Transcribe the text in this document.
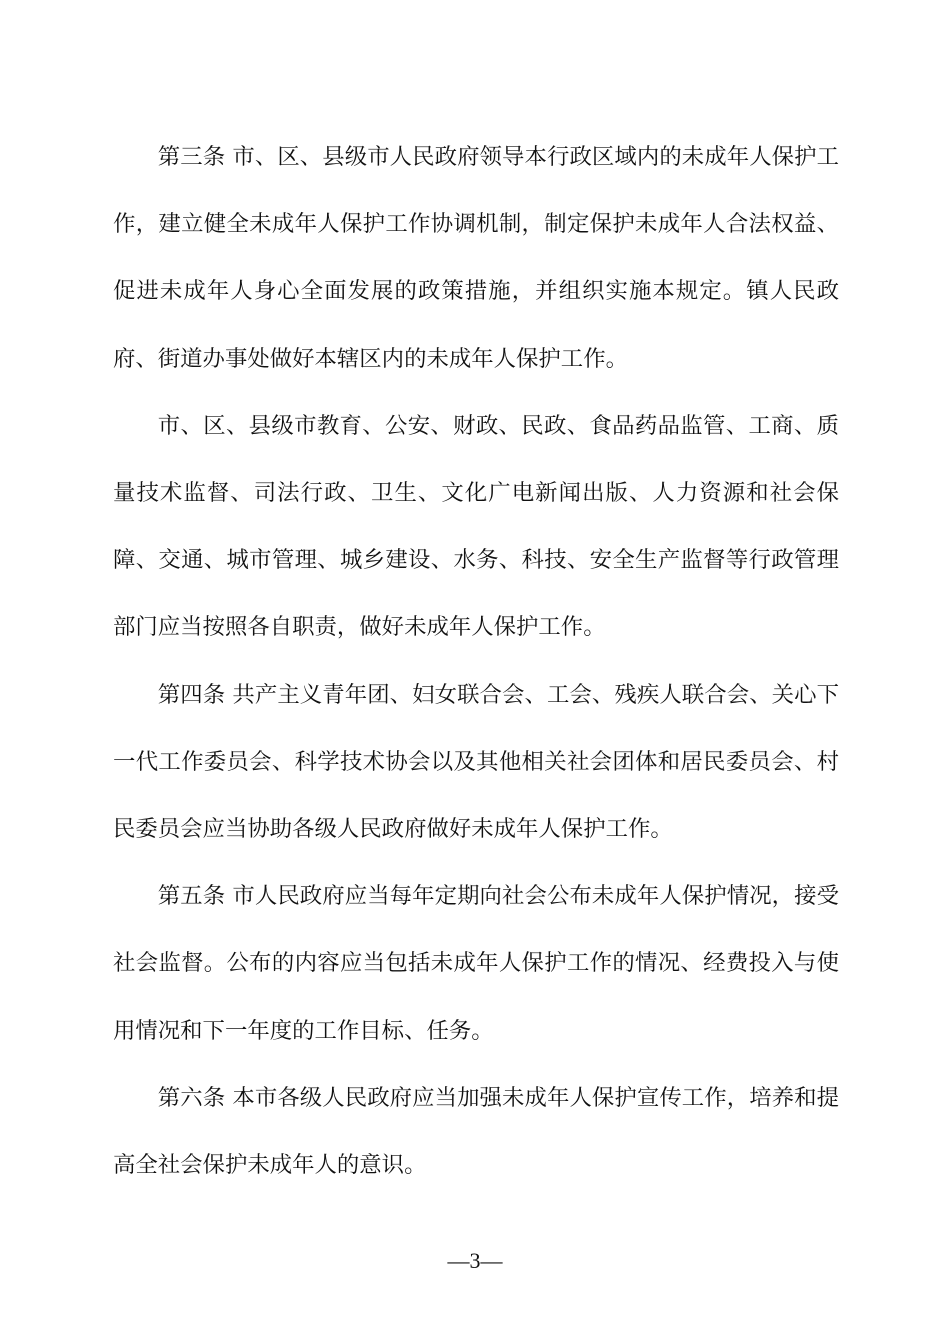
第三条 市、区、县级市人民政府领导本行政区域内的未成年人保护工作，建立健全未成年人保护工作协调机制，制定保护未成年人合法权益、促进未成年人身心全面发展的政策措施，并组织实施本规定。镇人民政府、街道办事处做好本辖区内的未成年人保护工作。

市、区、县级市教育、公安、财政、民政、食品药品监管、工商、质量技术监督、司法行政、卫生、文化广电新闻出版、人力资源和社会保障、交通、城市管理、城乡建设、水务、科技、安全生产监督等行政管理部门应当按照各自职责，做好未成年人保护工作。

第四条 共产主义青年团、妇女联合会、工会、残疾人联合会、关心下一代工作委员会、科学技术协会以及其他相关社会团体和居民委员会、村民委员会应当协助各级人民政府做好未成年人保护工作。

第五条 市人民政府应当每年定期向社会公布未成年人保护情况，接受社会监督。公布的内容应当包括未成年人保护工作的情况、经费投入与使用情况和下一年度的工作目标、任务。

第六条 本市各级人民政府应当加强未成年人保护宣传工作，培养和提高全社会保护未成年人的意识。

—3—
